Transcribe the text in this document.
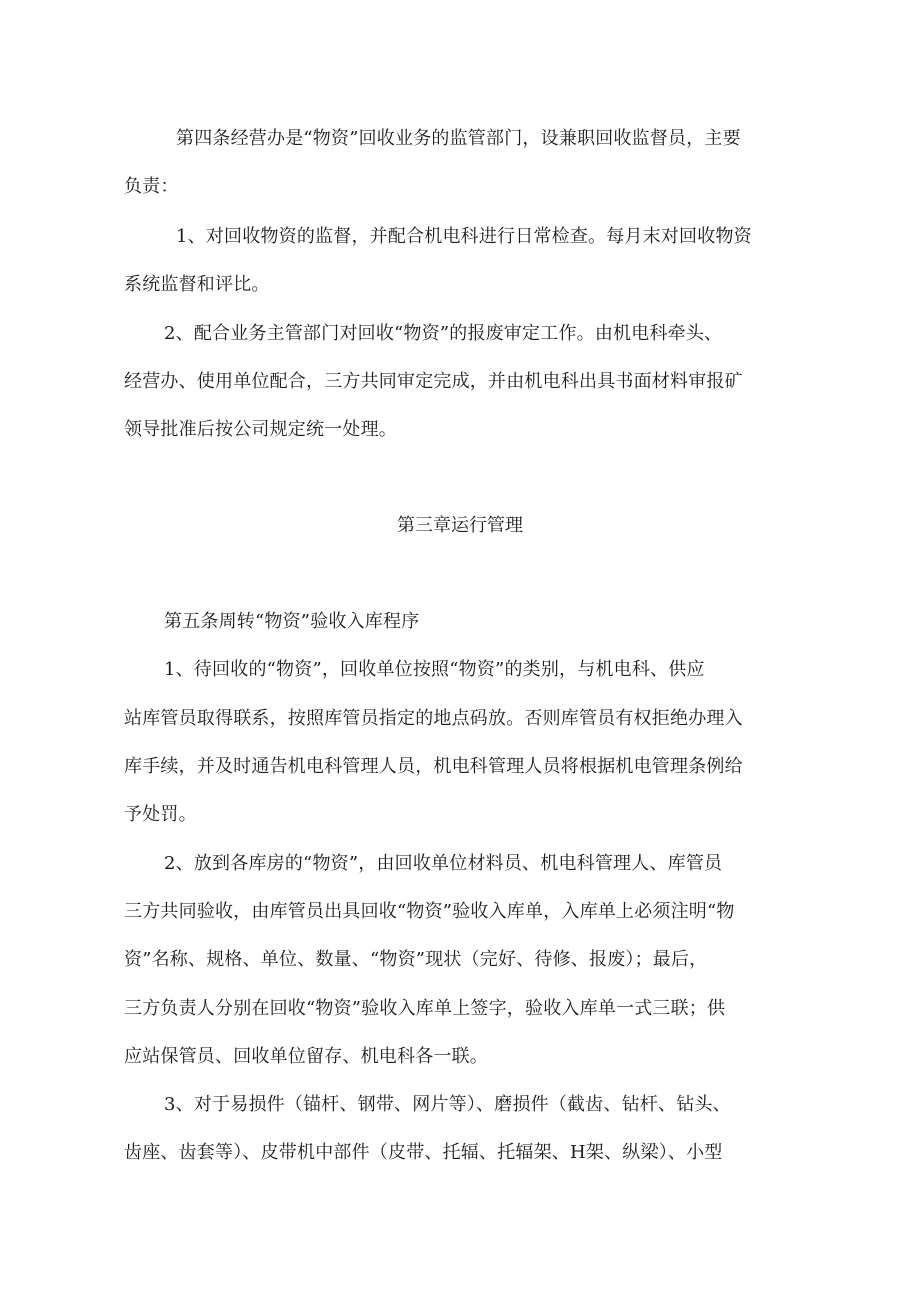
第四条经营办是“物资”回收业务的监管部门，设兼职回收监督员，主要
负责：
1、对回收物资的监督，并配合机电科进行日常检查。每月末对回收物资
系统监督和评比。
2、配合业务主管部门对回收“物资”的报废审定工作。由机电科牵头、
经营办、使用单位配合，三方共同审定完成，并由机电科出具书面材料审报矿
领导批准后按公司规定统一处理。
第三章运行管理
第五条周转“物资”验收入库程序
1、待回收的“物资”，回收单位按照“物资”的类别，与机电科、供应
站库管员取得联系，按照库管员指定的地点码放。否则库管员有权拒绝办理入
库手续，并及时通告机电科管理人员，机电科管理人员将根据机电管理条例给
予处罚。
2、放到各库房的“物资”，由回收单位材料员、机电科管理人、库管员
三方共同验收，由库管员出具回收“物资”验收入库单，入库单上必须注明“物
资”名称、规格、单位、数量、“物资”现状（完好、待修、报废）；最后，
三方负责人分别在回收“物资”验收入库单上签字，验收入库单一式三联；供
应站保管员、回收单位留存、机电科各一联。
3、对于易损件（锚杆、钢带、网片等）、磨损件（截齿、钻杆、钻头、
齿座、齿套等）、皮带机中部件（皮带、托辐、托辐架、H架、纵梁）、小型
